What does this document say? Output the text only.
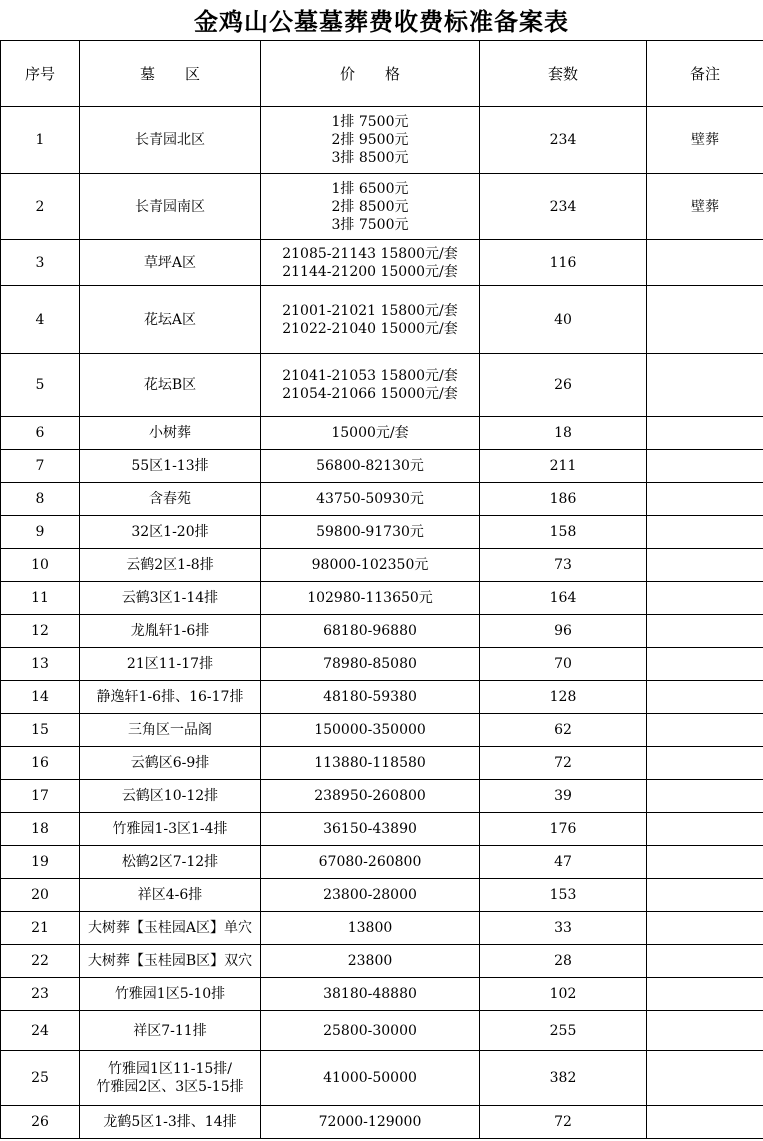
金鸡山公墓墓葬费收费标准备案表
序号	墓　　区	价　　格	套数	备注
1	长青园北区	1排 7500元
2排 9500元
3排 8500元	234	壁葬
2	长青园南区	1排 6500元
2排 8500元
3排 7500元	234	壁葬
3	草坪A区	21085-21143 15800元/套
21144-21200 15000元/套	116	
4	花坛A区	21001-21021 15800元/套
21022-21040 15000元/套	40	
5	花坛B区	21041-21053 15800元/套
21054-21066 15000元/套	26	
6	小树葬	15000元/套	18	
7	55区1-13排	56800-82130元	211	
8	含春苑	43750-50930元	186	
9	32区1-20排	59800-91730元	158	
10	云鹤2区1-8排	98000-102350元	73	
11	云鹤3区1-14排	102980-113650元	164	
12	龙胤轩1-6排	68180-96880	96	
13	21区11-17排	78980-85080	70	
14	静逸轩1-6排、16-17排	48180-59380	128	
15	三角区一品阁	150000-350000	62	
16	云鹤区6-9排	113880-118580	72	
17	云鹤区10-12排	238950-260800	39	
18	竹雅园1-3区1-4排	36150-43890	176	
19	松鹤2区7-12排	67080-260800	47	
20	祥区4-6排	23800-28000	153	
21	大树葬【玉桂园A区】单穴	13800	33	
22	大树葬【玉桂园B区】双穴	23800	28	
23	竹雅园1区5-10排	38180-48880	102	
24	祥区7-11排	25800-30000	255	
25	竹雅园1区11-15排/
竹雅园2区、3区5-15排	41000-50000	382	
26	龙鹤5区1-3排、14排	72000-129000	72	
